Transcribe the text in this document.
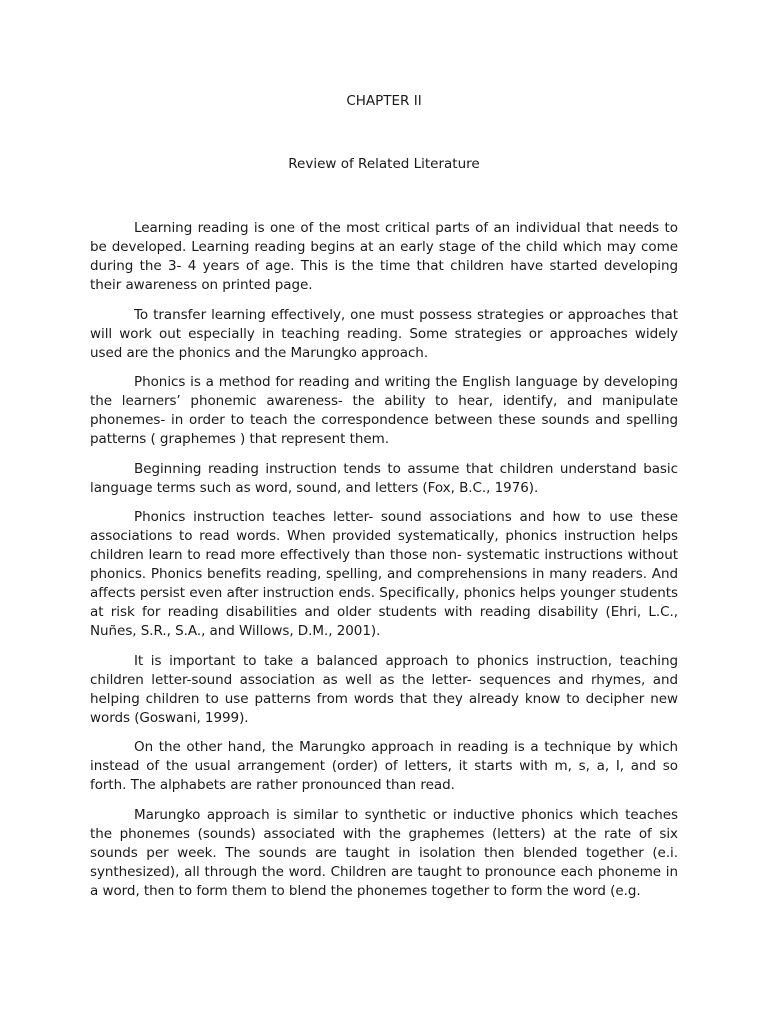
CHAPTER II
Review of Related Literature

Learning reading is one of the most critical parts of an individual that needs to be developed. Learning reading begins at an early stage of the child which may come during the 3- 4 years of age. This is the time that children have started developing their awareness on printed page.

To transfer learning effectively, one must possess strategies or approaches that will work out especially in teaching reading. Some strategies or approaches widely used are the phonics and the Marungko approach.

Phonics is a method for reading and writing the English language by developing the learners’ phonemic awareness- the ability to hear, identify, and manipulate phonemes- in order to teach the correspondence between these sounds and spelling patterns ( graphemes ) that represent them.

Beginning reading instruction tends to assume that children understand basic language terms such as word, sound, and letters (Fox, B.C., 1976).

Phonics instruction teaches letter- sound associations and how to use these associations to read words. When provided systematically, phonics instruction helps children learn to read more effectively than those non- systematic instructions without phonics. Phonics benefits reading, spelling, and comprehensions in many readers. And affects persist even after instruction ends. Specifically, phonics helps younger students at risk for reading disabilities and older students with reading disability (Ehri, L.C., Nuñes, S.R., S.A., and Willows, D.M., 2001).

It is important to take a balanced approach to phonics instruction, teaching children letter-sound association as well as the letter- sequences and rhymes, and helping children to use patterns from words that they already know to decipher new words (Goswani, 1999).

On the other hand, the Marungko approach in reading is a technique by which instead of the usual arrangement (order) of letters, it starts with m, s, a, I, and so forth. The alphabets are rather pronounced than read.

Marungko approach is similar to synthetic or inductive phonics which teaches the phonemes (sounds) associated with the graphemes (letters) at the rate of six sounds per week. The sounds are taught in isolation then blended together (e.i. synthesized), all through the word. Children are taught to pronounce each phoneme in a word, then to form them to blend the phonemes together to form the word (e.g.
